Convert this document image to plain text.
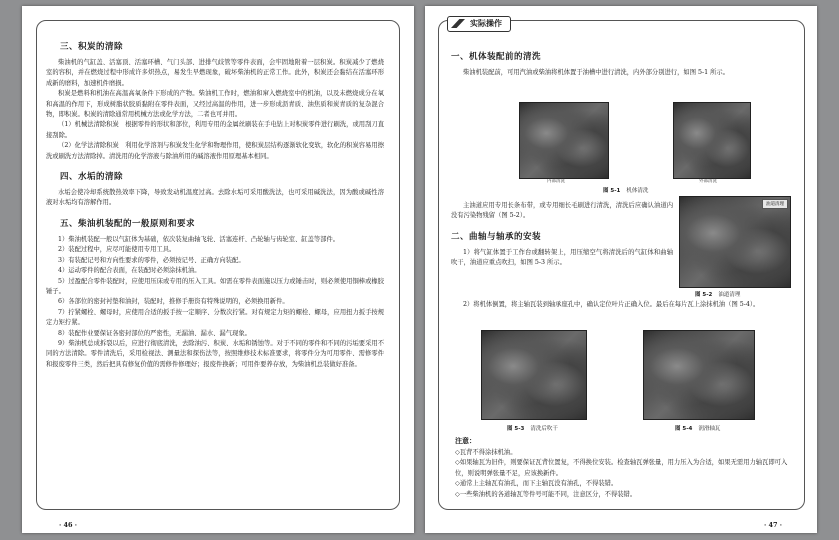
三、积炭的清除

柴油机的气缸盖、活塞顶、活塞环槽、气门头部、进排气歧管等零件表面，会牢固地附着一层积炭。积炭减少了燃烧室的容积，并在燃烧过程中形成许多炽热点，易发生早燃现象，破坏柴油机的正常工作。此外，积炭还会黏结在活塞环形成新的磨料，加速机件磨损。

积炭是燃料和机油在高温高氧条件下形成的产物。柴油机工作时，燃油和窜入燃烧室中的机油，以及未燃烧成分在氧和高温的作用下，形成树脂状胶质黏附在零件表面，又经过高温的作用，进一步形成沥青质、油焦质和炭青质的复杂混合物，即积炭。积炭的清除通常用机械方法或化学方法，二者也可并用。

（1）机械法清除积炭　根据零件的形状和部位，利用专用的金属丝刷装在手电钻上对积炭零件进行刷洗，或用刮刀直接刮除。

（2）化学法清除积炭　利用化学溶剂与积炭发生化学和物理作用，使积炭层结构逐渐软化变软，软化的积炭容易用擦洗或刷洗方法清除掉。清洗用的化学溶液与除油所用的碱溶液作用原理基本相同。

四、水垢的清除

水垢会使冷却系统散热效率下降，导致发动机温度过高。去除水垢可采用酸洗法，也可采用碱洗法，因为酸或碱性溶液对水垢均有溶解作用。

五、柴油机装配的一般原则和要求

1）柴油机装配一般以气缸体为基础，依次装复曲轴飞轮、活塞连杆、凸轮轴与齿轮室、缸盖等部件。

2）装配过程中，应尽可能使用专用工具。

3）有装配记号和方向性要求的零件，必须按记号、正确方向装配。

4）运动零件的配合表面，在装配时必须涂抹机油。

5）过盈配合零件装配时，应使用压床或专用的压入工具。如需在零件表面施以压力或锤击时，则必须使用铜棒或橡胶锤子。

6）各部位的密封衬垫和油封，装配时，推修手册资有特殊说明的，必须换用新件。

7）拧紧螺栓、螺母时，应使用合适的扳手按一定顺序、分数次拧紧。对有规定力矩的螺栓、螺母，应用扭力扳手按规定力矩拧紧。

8）装配作业要保证各密封部位的严密性，无漏油、漏水、漏气现象。

9）柴油机总成拆裂以后，应进行彻底清洗，去除油污、积炭、水垢和锈蚀等。对于不同的零件和不同的污垢要采用不同的方法清除。零件清洗后，采用检视法、测量法和探伤法等，按照维修技术标准要求，将零件分为可用零件、需修零件和报废零件三类，然后把具有修复价值的需修件修理好；报废件换新；可用件要养存放，为柴油机总装做好准备。

· 46 ·
实际操作
一、机体装配前的清洗

柴油机装配前，可用汽油或柴油将机体置于油槽中进行清洗，内外部分别进行，如图 5-1 所示。

内部清洗	外部清洗
图 5-1 机体清洗

主油道应用专用长条布带，或专用细长毛刷进行清洗，清洗后应确认油道内没有污染物残留（图 5-2）。

二、曲轴与轴承的安装

1）将气缸体置于工作台或翻转架上，用压缩空气将清洗后的气缸体和曲轴吹干，油道应重点吹扫，如图 5-3 所示。

油道清理
图 5-2 油道清理

2）将机体倒置，将主轴瓦装到轴承座孔中，确认定位叶片正确入位。最后在每片瓦上涂抹机油（图 5-4）。

图 5-3 清洗后吹干	图 5-4 润滑轴瓦
注意：

◇瓦背不得涂抹机油。

◇如果轴瓦为旧件，则要保证瓦背位置复，不得换位安装。检查轴瓦弹张量，用力压入为合适，如果无需用力轴瓦即可入位，则说明弹张量不足，应该换新件。

◇通常上主轴瓦有油孔，而下主轴瓦没有油孔，不得装错。

◇一些柴油机的各道轴瓦等件号可能不同，注意区分，不得装错。

· 47 ·
